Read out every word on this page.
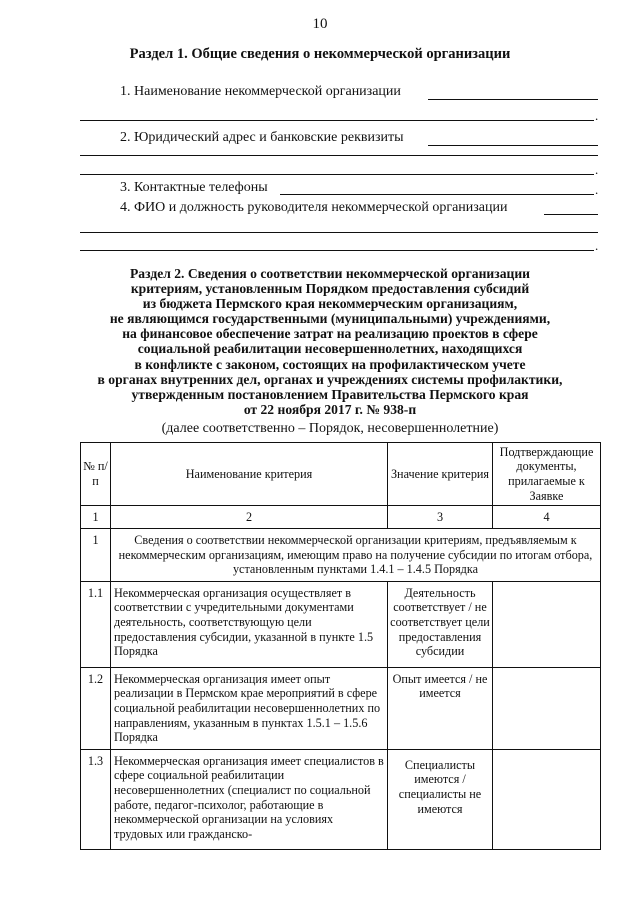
10
Раздел 1. Общие сведения о некоммерческой организации
1. Наименование некоммерческой организации
.
2. Юридический адрес и банковские реквизиты
.
3. Контактные телефоны	.
4. ФИО и должность руководителя некоммерческой организации
.
Раздел 2. Сведения о соответствии некоммерческой организации
критериям, установленным Порядком предоставления субсидий
из бюджета Пермского края некоммерческим организациям,
не являющимся государственными (муниципальными) учреждениями,
на финансовое обеспечение затрат на реализацию проектов в сфере
социальной реабилитации несовершеннолетних, находящихся
в конфликте с законом, состоящих на профилактическом учете
в органах внутренних дел, органах и учреждениях системы профилактики,
утвержденным постановлением Правительства Пермского края
от 22 ноября 2017 г. № 938-п
(далее соответственно – Порядок, несовершеннолетние)
№ п/п	Наименование критерия	Значение критерия	Подтверждающие документы, прилагаемые к Заявке
1	2	3	4
1	Сведения о соответствии некоммерческой организации критериям, предъявляемым к некоммерческим организациям, имеющим право на получение субсидии по итогам отбора, установленным пунктами 1.4.1 – 1.4.5 Порядка		
1.1	Некоммерческая организация осуществляет в соответствии с учредительными документами деятельность, соответствующую цели предоставления субсидии, указанной в пункте 1.5 Порядка	Деятельность соответствует / не соответствует цели предоставления субсидии	
1.2	Некоммерческая организация имеет опыт реализации в Пермском крае мероприятий в сфере социальной реабилитации несовершеннолетних по направлениям, указанным в пунктах 1.5.1 – 1.5.6 Порядка	Опыт имеется / не имеется	
1.3	Некоммерческая организация имеет специалистов в сфере социальной реабилитации несовершеннолетних (специалист по социальной работе, педагог-психолог, работающие в некоммерческой организации на условиях трудовых или гражданско-	Специалисты имеются / специалисты не имеются	
